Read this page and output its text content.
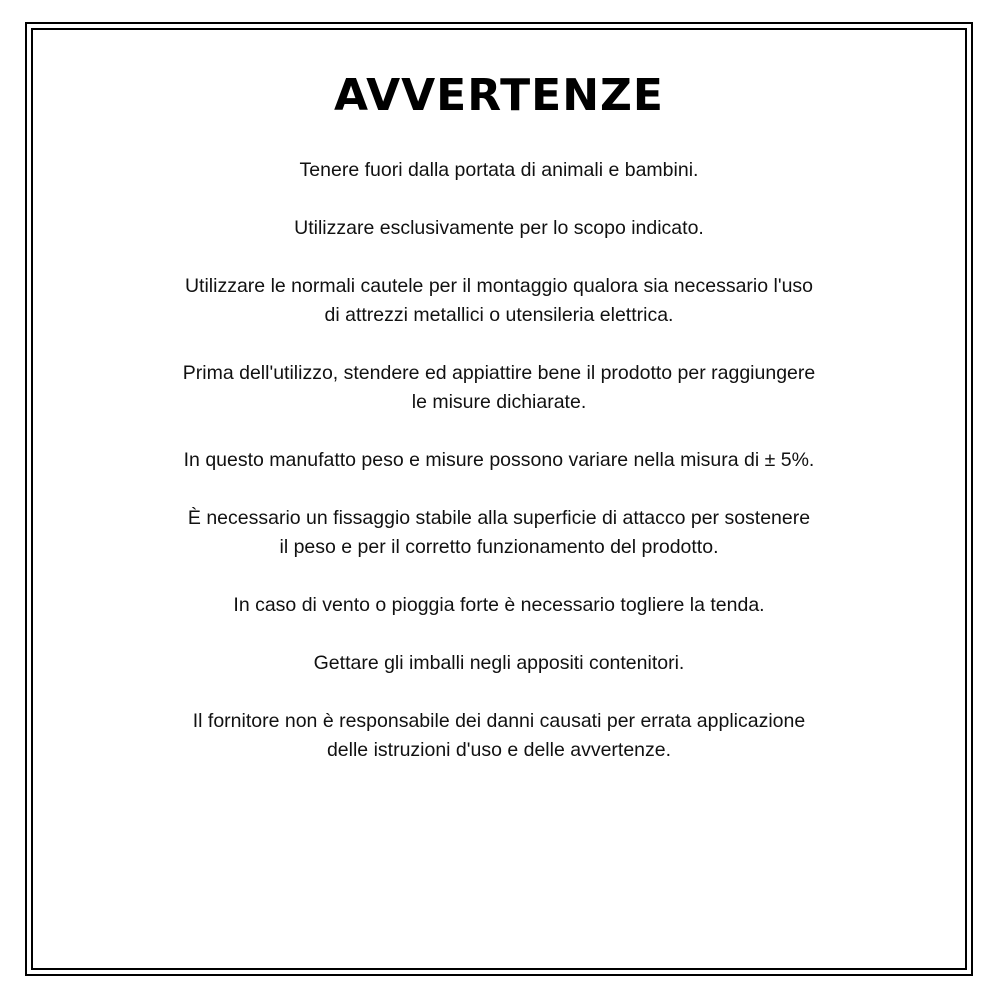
AVVERTENZE

Tenere fuori dalla portata di animali e bambini.

Utilizzare esclusivamente per lo scopo indicato.

Utilizzare le normali cautele per il montaggio qualora sia necessario l'uso
di attrezzi metallici o utensileria elettrica.

Prima dell'utilizzo, stendere ed appiattire bene il prodotto per raggiungere
le misure dichiarate.

In questo manufatto peso e misure possono variare nella misura di ± 5%.

È necessario un fissaggio stabile alla superficie di attacco per sostenere
il peso e per il corretto funzionamento del prodotto.

In caso di vento o pioggia forte è necessario togliere la tenda.

Gettare gli imballi negli appositi contenitori.

Il fornitore non è responsabile dei danni causati per errata applicazione
delle istruzioni d'uso e delle avvertenze.
